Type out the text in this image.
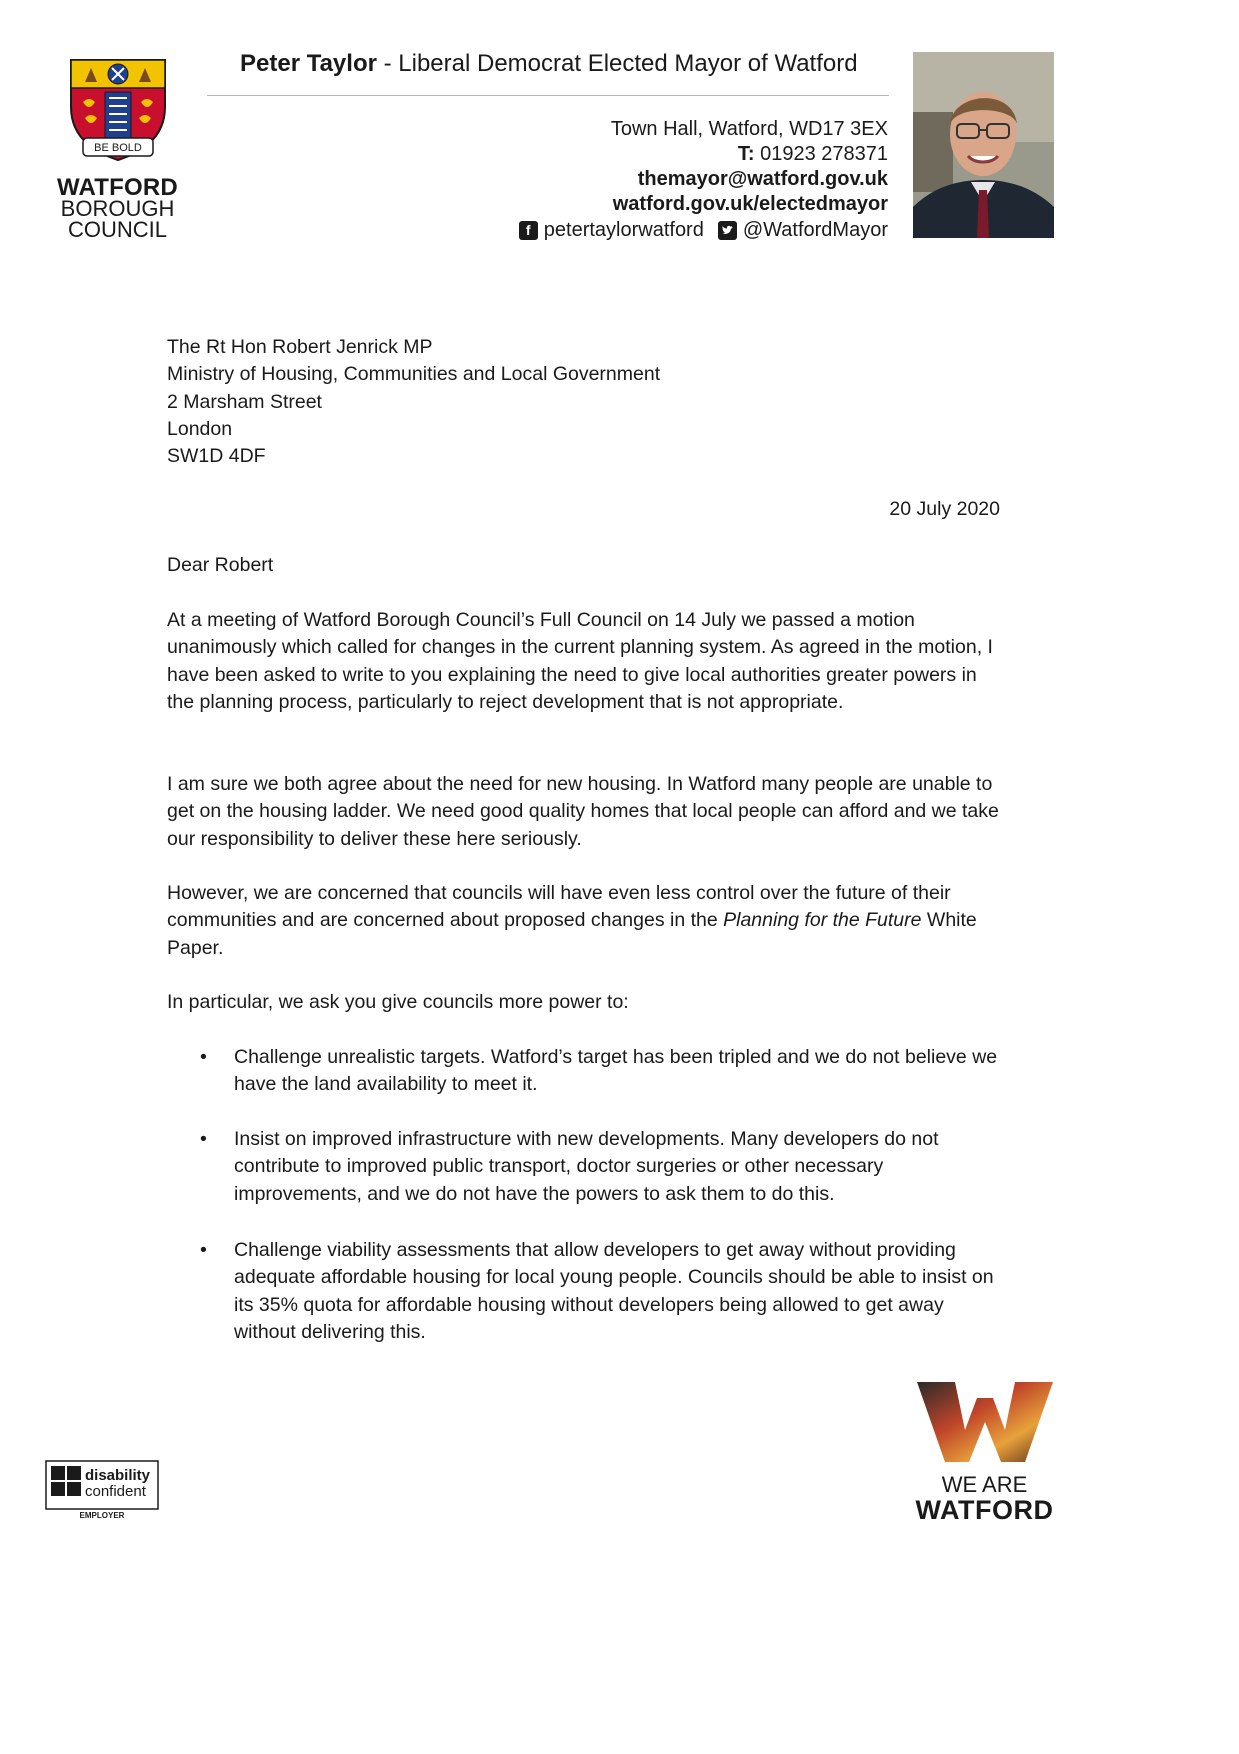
BE BOLD
WATFORD
BOROUGH
COUNCIL
Peter Taylor - Liberal Democrat Elected Mayor of Watford
Town Hall, Watford, WD17 3EX
T: 01923 278371
themayor@watford.gov.uk
watford.gov.uk/electedmayor
f petertaylorwatford @WatfordMayor
The Rt Hon Robert Jenrick MP
Ministry of Housing, Communities and Local Government
2 Marsham Street
London
SW1D 4DF
20 July 2020
Dear Robert

At a meeting of Watford Borough Council’s Full Council on 14 July we passed a motion unanimously which called for changes in the current planning system. As agreed in the motion, I have been asked to write to you explaining the need to give local authorities greater powers in the planning process, particularly to reject development that is not appropriate.

I am sure we both agree about the need for new housing. In Watford many people are unable to get on the housing ladder. We need good quality homes that local people can afford and we take our responsibility to deliver these here seriously.

However, we are concerned that councils will have even less control over the future of their communities and are concerned about proposed changes in the Planning for the Future White Paper.

In particular, we ask you give councils more power to:

• Challenge unrealistic targets. Watford’s target has been tripled and we do not believe we have the land availability to meet it.
• Insist on improved infrastructure with new developments. Many developers do not contribute to improved public transport, doctor surgeries or other necessary improvements, and we do not have the powers to ask them to do this.
• Challenge viability assessments that allow developers to get away without providing adequate affordable housing for local young people. Councils should be able to insist on its 35% quota for affordable housing without developers being allowed to get away without delivering this.
disability
confident
EMPLOYER
WE ARE
WATFORD
